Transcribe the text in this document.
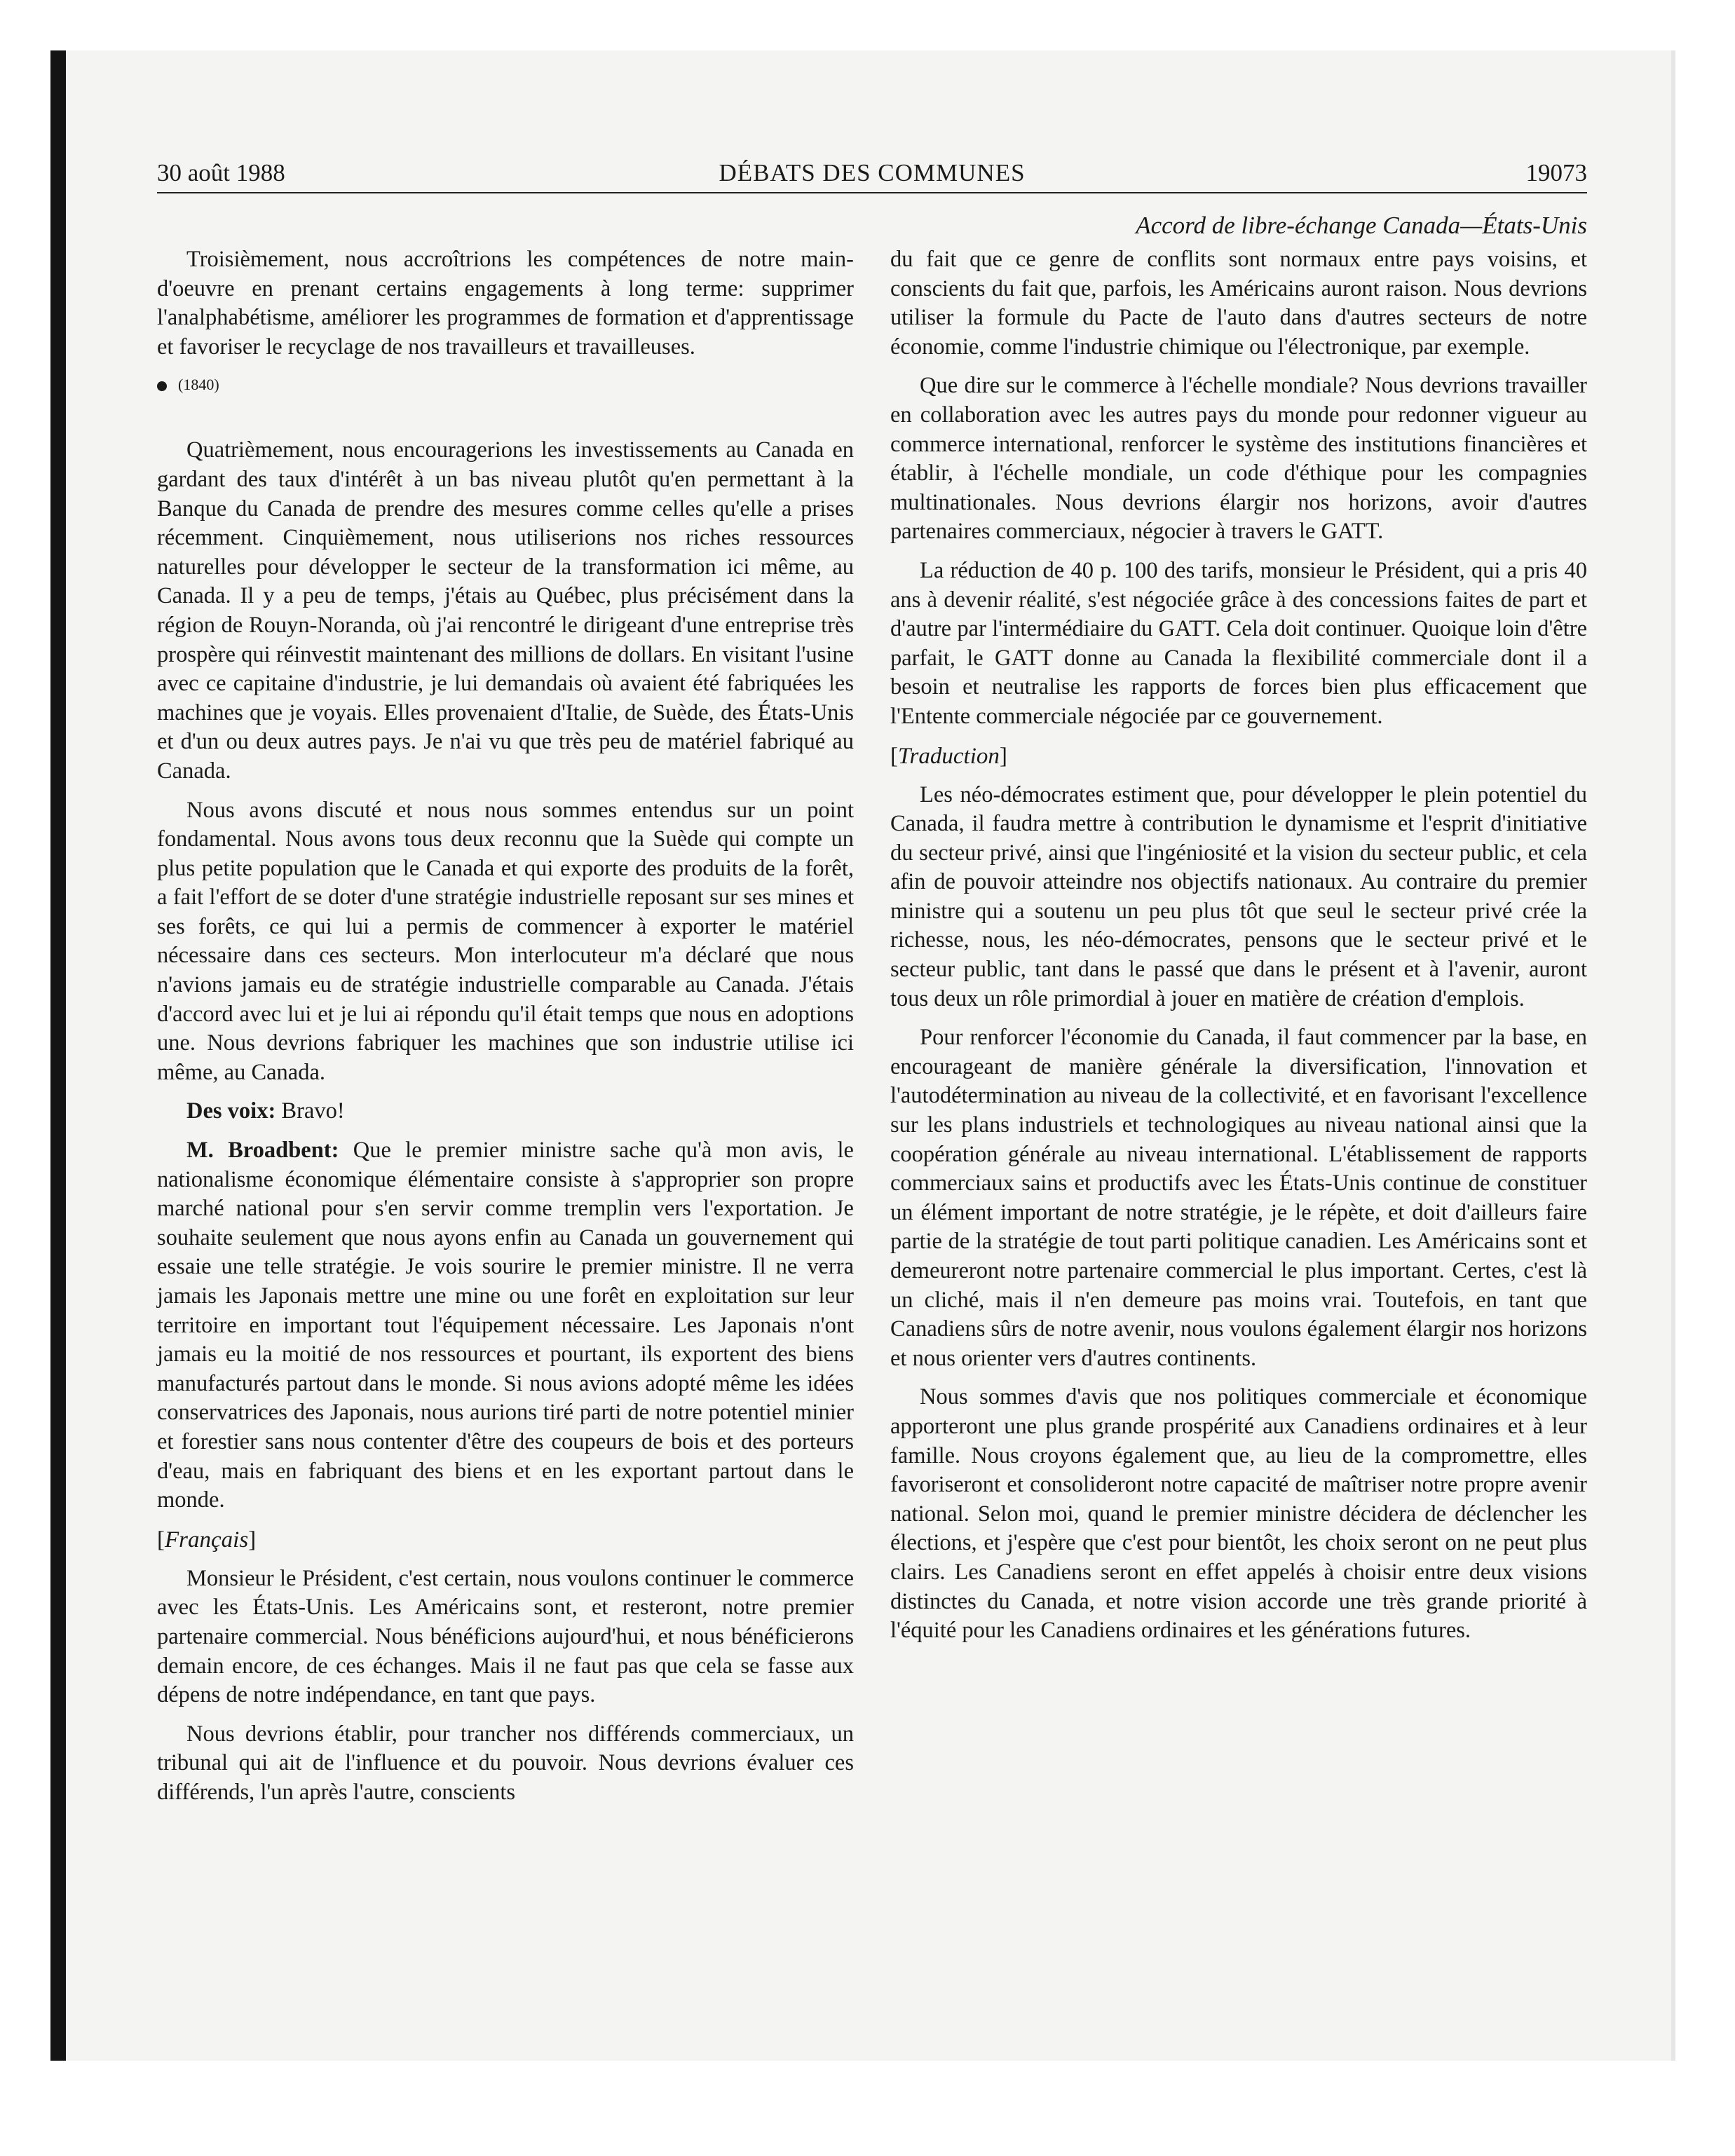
30 août 1988	DÉBATS DES COMMUNES	19073
Accord de libre-échange Canada—États-Unis

Troisièmement, nous accroîtrions les compétences de notre main-d'oeuvre en prenant certains engagements à long terme: supprimer l'analphabétisme, améliorer les programmes de formation et d'apprentissage et favoriser le recyclage de nos travailleurs et travailleuses.

(1840)

Quatrièmement, nous encouragerions les investissements au Canada en gardant des taux d'intérêt à un bas niveau plutôt qu'en permettant à la Banque du Canada de prendre des mesures comme celles qu'elle a prises récemment. Cinquièmement, nous utiliserions nos riches ressources naturelles pour développer le secteur de la transformation ici même, au Canada. Il y a peu de temps, j'étais au Québec, plus précisément dans la région de Rouyn-Noranda, où j'ai rencontré le dirigeant d'une entreprise très prospère qui réinvestit maintenant des millions de dollars. En visitant l'usine avec ce capitaine d'industrie, je lui demandais où avaient été fabriquées les machines que je voyais. Elles provenaient d'Italie, de Suède, des États-Unis et d'un ou deux autres pays. Je n'ai vu que très peu de matériel fabriqué au Canada.

Nous avons discuté et nous nous sommes entendus sur un point fondamental. Nous avons tous deux reconnu que la Suède qui compte un plus petite population que le Canada et qui exporte des produits de la forêt, a fait l'effort de se doter d'une stratégie industrielle reposant sur ses mines et ses forêts, ce qui lui a permis de commencer à exporter le matériel nécessaire dans ces secteurs. Mon interlocuteur m'a déclaré que nous n'avions jamais eu de stratégie industrielle comparable au Canada. J'étais d'accord avec lui et je lui ai répondu qu'il était temps que nous en adoptions une. Nous devrions fabriquer les machines que son industrie utilise ici même, au Canada.

Des voix: Bravo!

M. Broadbent: Que le premier ministre sache qu'à mon avis, le nationalisme économique élémentaire consiste à s'approprier son propre marché national pour s'en servir comme tremplin vers l'exportation. Je souhaite seulement que nous ayons enfin au Canada un gouvernement qui essaie une telle stratégie. Je vois sourire le premier ministre. Il ne verra jamais les Japonais mettre une mine ou une forêt en exploitation sur leur territoire en important tout l'équipement nécessaire. Les Japonais n'ont jamais eu la moitié de nos ressources et pourtant, ils exportent des biens manufacturés partout dans le monde. Si nous avions adopté même les idées conservatrices des Japonais, nous aurions tiré parti de notre potentiel minier et forestier sans nous contenter d'être des coupeurs de bois et des porteurs d'eau, mais en fabriquant des biens et en les exportant partout dans le monde.

[Français]

Monsieur le Président, c'est certain, nous voulons continuer le commerce avec les États-Unis. Les Américains sont, et resteront, notre premier partenaire commercial. Nous bénéficions aujourd'hui, et nous bénéficierons demain encore, de ces échanges. Mais il ne faut pas que cela se fasse aux dépens de notre indépendance, en tant que pays.

Nous devrions établir, pour trancher nos différends commerciaux, un tribunal qui ait de l'influence et du pouvoir. Nous devrions évaluer ces différends, l'un après l'autre, conscients

du fait que ce genre de conflits sont normaux entre pays voisins, et conscients du fait que, parfois, les Américains auront raison. Nous devrions utiliser la formule du Pacte de l'auto dans d'autres secteurs de notre économie, comme l'industrie chimique ou l'électronique, par exemple.

Que dire sur le commerce à l'échelle mondiale? Nous devrions travailler en collaboration avec les autres pays du monde pour redonner vigueur au commerce international, renforcer le système des institutions financières et établir, à l'échelle mondiale, un code d'éthique pour les compagnies multinationales. Nous devrions élargir nos horizons, avoir d'autres partenaires commerciaux, négocier à travers le GATT.

La réduction de 40 p. 100 des tarifs, monsieur le Président, qui a pris 40 ans à devenir réalité, s'est négociée grâce à des concessions faites de part et d'autre par l'intermédiaire du GATT. Cela doit continuer. Quoique loin d'être parfait, le GATT donne au Canada la flexibilité commerciale dont il a besoin et neutralise les rapports de forces bien plus efficacement que l'Entente commerciale négociée par ce gouvernement.

[Traduction]

Les néo-démocrates estiment que, pour développer le plein potentiel du Canada, il faudra mettre à contribution le dynamisme et l'esprit d'initiative du secteur privé, ainsi que l'ingéniosité et la vision du secteur public, et cela afin de pouvoir atteindre nos objectifs nationaux. Au contraire du premier ministre qui a soutenu un peu plus tôt que seul le secteur privé crée la richesse, nous, les néo-démocrates, pensons que le secteur privé et le secteur public, tant dans le passé que dans le présent et à l'avenir, auront tous deux un rôle primordial à jouer en matière de création d'emplois.

Pour renforcer l'économie du Canada, il faut commencer par la base, en encourageant de manière générale la diversification, l'innovation et l'autodétermination au niveau de la collectivité, et en favorisant l'excellence sur les plans industriels et technologiques au niveau national ainsi que la coopération générale au niveau international. L'établissement de rapports commerciaux sains et productifs avec les États-Unis continue de constituer un élément important de notre stratégie, je le répète, et doit d'ailleurs faire partie de la stratégie de tout parti politique canadien. Les Américains sont et demeureront notre partenaire commercial le plus important. Certes, c'est là un cliché, mais il n'en demeure pas moins vrai. Toutefois, en tant que Canadiens sûrs de notre avenir, nous voulons également élargir nos horizons et nous orienter vers d'autres continents.

Nous sommes d'avis que nos politiques commerciale et économique apporteront une plus grande prospérité aux Canadiens ordinaires et à leur famille. Nous croyons également que, au lieu de la compromettre, elles favoriseront et consolideront notre capacité de maîtriser notre propre avenir national. Selon moi, quand le premier ministre décidera de déclencher les élections, et j'espère que c'est pour bientôt, les choix seront on ne peut plus clairs. Les Canadiens seront en effet appelés à choisir entre deux visions distinctes du Canada, et notre vision accorde une très grande priorité à l'équité pour les Canadiens ordinaires et les générations futures.
